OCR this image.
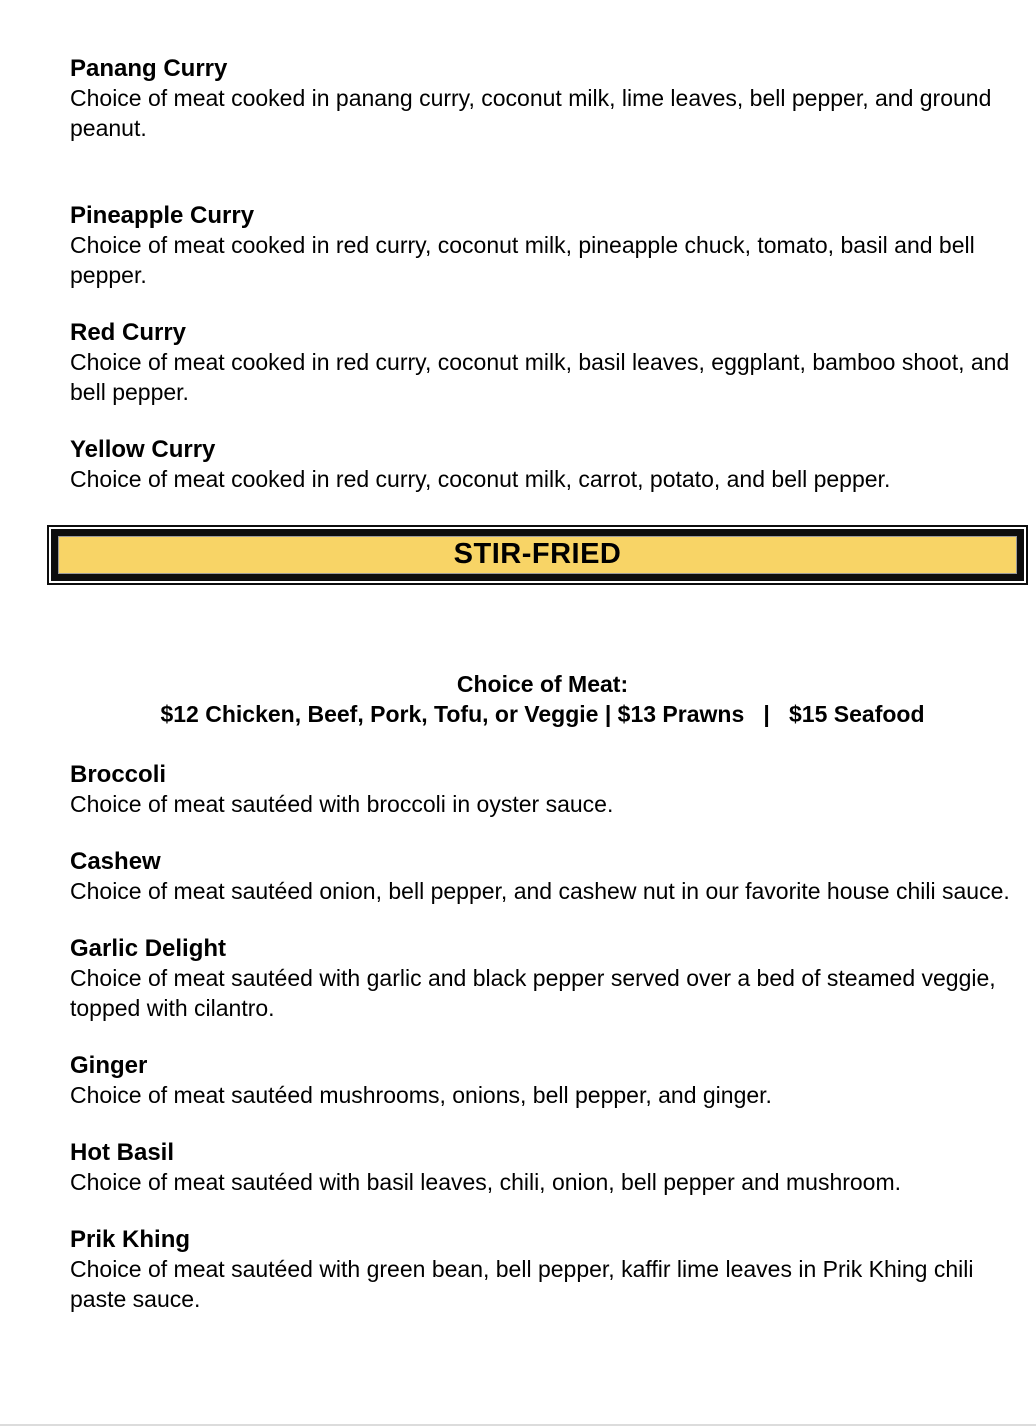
Panang Curry

Choice of meat cooked in panang curry, coconut milk, lime leaves, bell pepper, and ground peanut.

Pineapple Curry

Choice of meat cooked in red curry, coconut milk, pineapple chuck, tomato, basil and bell pepper.

Red Curry

Choice of meat cooked in red curry, coconut milk, basil leaves, eggplant, bamboo shoot, and bell pepper.

Yellow Curry

Choice of meat cooked in red curry, coconut milk, carrot, potato, and bell pepper.

STIR-FRIED
Choice of Meat:
$12 Chicken, Beef, Pork, Tofu, or Veggie | $13 Prawns   |   $15 Seafood

Broccoli

Choice of meat sautéed with broccoli in oyster sauce.

Cashew

Choice of meat sautéed onion, bell pepper, and cashew nut in our favorite house chili sauce.

Garlic Delight

Choice of meat sautéed with garlic and black pepper served over a bed of steamed veggie, topped with cilantro.

Ginger

Choice of meat sautéed mushrooms, onions, bell pepper, and ginger.

Hot Basil

Choice of meat sautéed with basil leaves, chili, onion, bell pepper and mushroom.

Prik Khing

Choice of meat sautéed with green bean, bell pepper, kaffir lime leaves in Prik Khing chili paste sauce.
